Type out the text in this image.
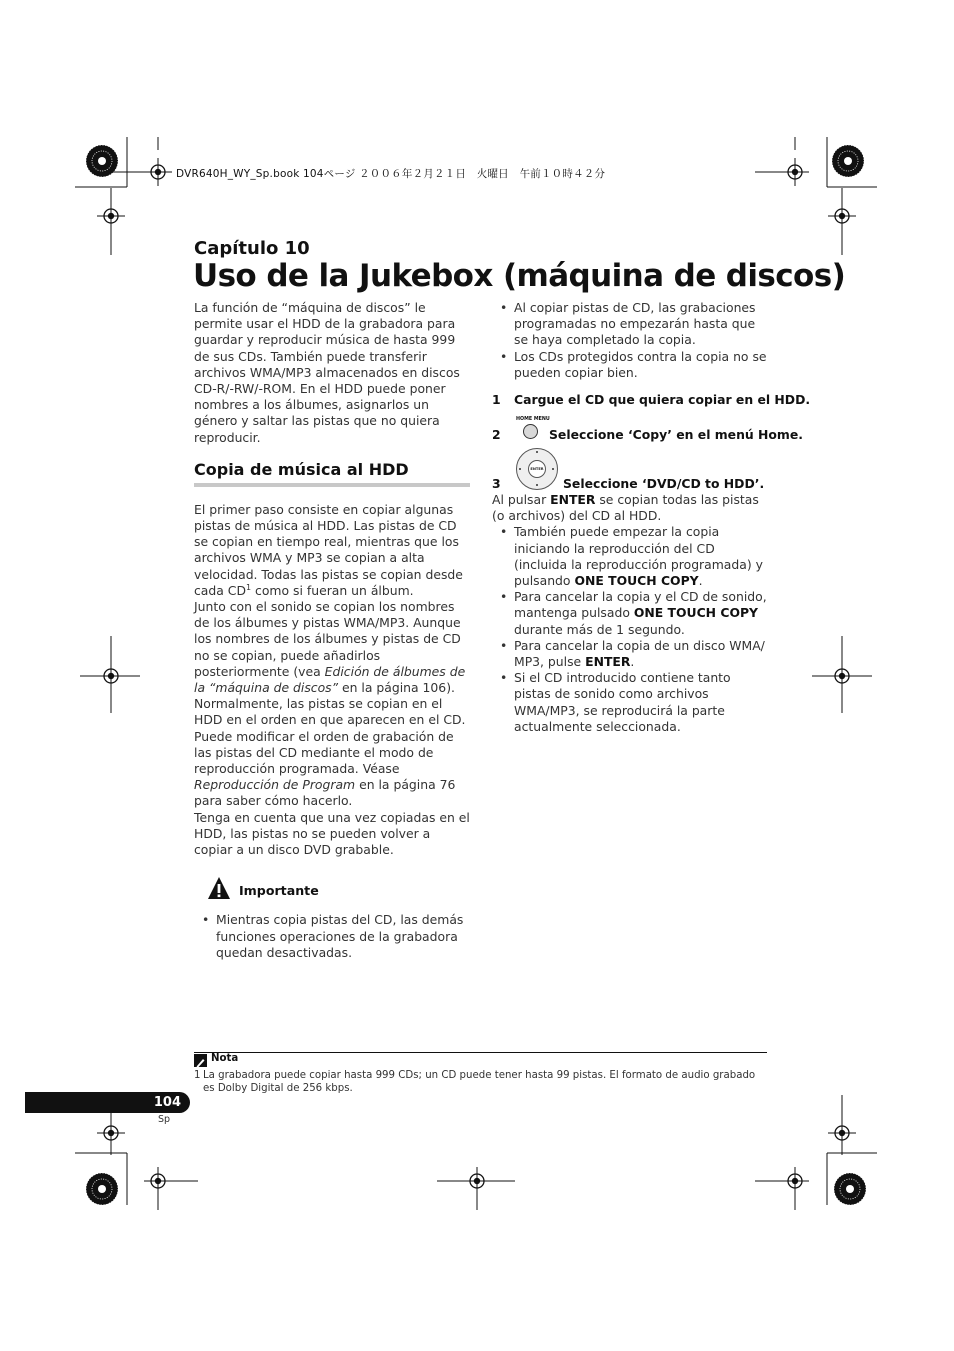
DVR640H_WY_Sp.book 104ページ ２００６年２月２１日　火曜日　午前１０時４２分
Capítulo 10
Uso de la Jukebox (máquina de discos)

La función de “máquina de discos” le permite usar el HDD de la grabadora para guardar y reproducir música de hasta 999 de sus CDs. También puede transferir archivos WMA/MP3 almacenados en discos CD-R/-RW/-ROM. En el HDD puede poner nombres a los álbumes, asignarlos un género y saltar las pistas que no quiera reproducir.

Copia de música al HDD

El primer paso consiste en copiar algunas pistas de música al HDD. Las pistas de CD se copian en tiempo real, mientras que los archivos WMA y MP3 se copian a alta velocidad. Todas las pistas se copian desde cada $CD^1$ como si fueran un álbum.

Junto con el sonido se copian los nombres de los álbumes y pistas WMA/MP3. Aunque los nombres de los álbumes y pistas de CD no se copian, puede añadirlos posteriormente (vea Edición de álbumes de la “máquina de discos” en la página 106).

Normalmente, las pistas se copian en el HDD en el orden en que aparecen en el CD. Puede modificar el orden de grabación de las pistas del CD mediante el modo de reproducción programada. Véase Reproducción de Program en la página 76 para saber cómo hacerlo.

Tenga en cuenta que una vez copiadas en el HDD, las pistas no se pueden volver a copiar a un disco DVD grabable.

Importante

• Mientras copia pistas del CD, las demás funciones operaciones de la grabadora quedan desactivadas.

• Al copiar pistas de CD, las grabaciones programadas no empezarán hasta que se haya completado la copia.

• Los CDs protegidos contra la copia no se pueden copiar bien.

1 Cargue el CD que quiera copiar en el HDD.
2
HOME MENU
Seleccione ‘Copy’ en el menú Home.
3
ENTER
Seleccione ‘DVD/CD to HDD’.

Al pulsar ENTER se copian todas las pistas (o archivos) del CD al HDD.

• También puede empezar la copia iniciando la reproducción del CD (incluida la reproducción programada) y pulsando ONE TOUCH COPY.

• Para cancelar la copia y el CD de sonido, mantenga pulsado ONE TOUCH COPY durante más de 1 segundo.

• Para cancelar la copia de un disco WMA/ MP3, pulse ENTER.

• Si el CD introducido contiene tanto pistas de sonido como archivos WMA/MP3, se reproducirá la parte actualmente seleccionada.

Nota
1 La grabadora puede copiar hasta 999 CDs; un CD puede tener hasta 99 pistas. El formato de audio grabado es Dolby Digital de 256 kbps.
104
Sp
